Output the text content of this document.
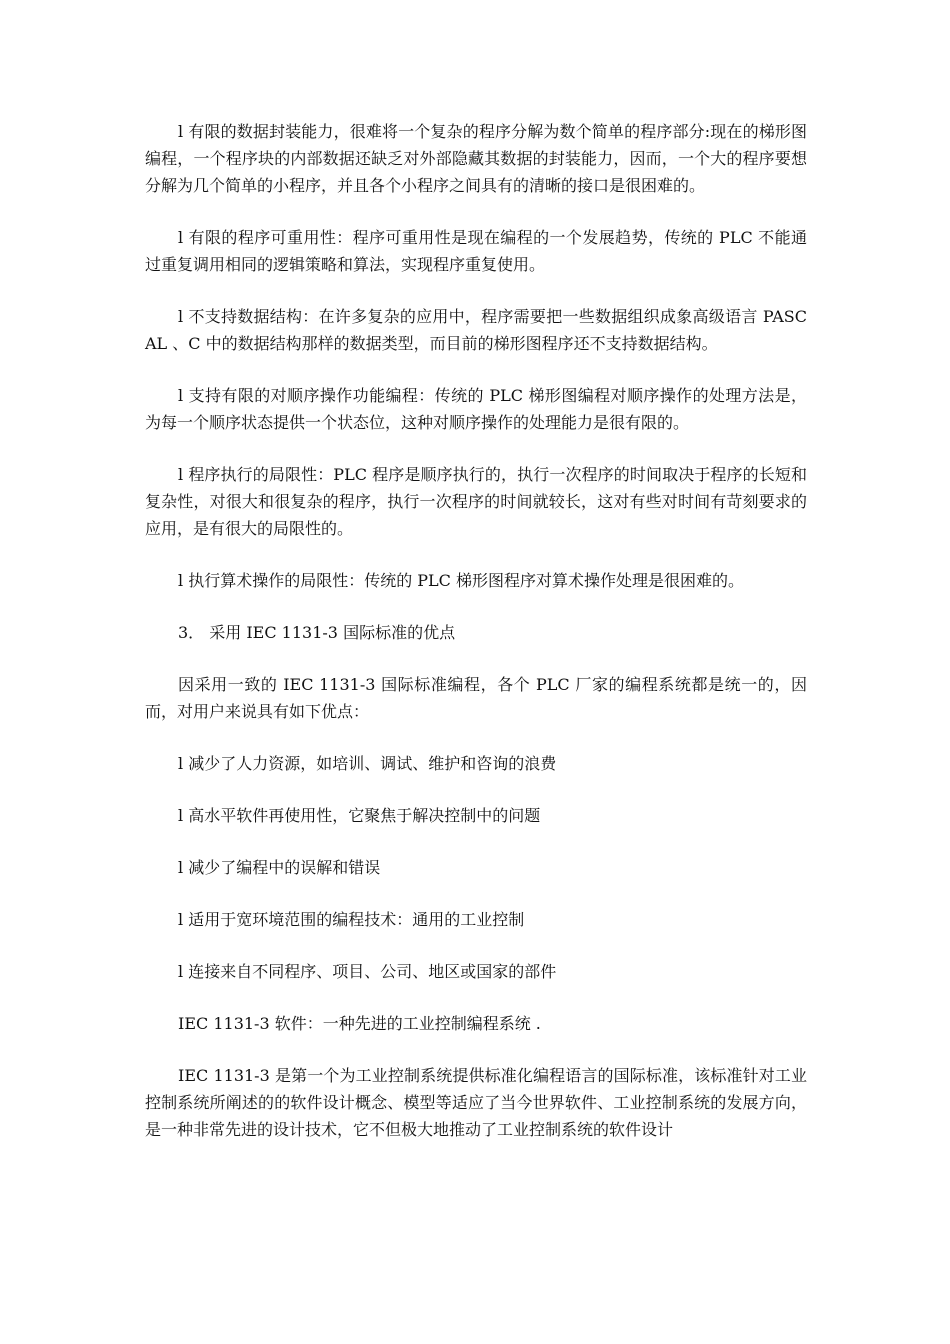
l 有限的数据封装能力，很难将一个复杂的程序分解为数个简单的程序部分:现在的梯形图编程，一个程序块的内部数据还缺乏对外部隐藏其数据的封装能力，因而，一个大的程序要想分解为几个简单的小程序，并且各个小程序之间具有的清晰的接口是很困难的。

l 有限的程序可重用性：程序可重用性是现在编程的一个发展趋势，传统的 PLC 不能通过重复调用相同的逻辑策略和算法，实现程序重复使用。

l 不支持数据结构：在许多复杂的应用中，程序需要把一些数据组织成象高级语言 PASCAL 、C 中的数据结构那样的数据类型，而目前的梯形图程序还不支持数据结构。

l 支持有限的对顺序操作功能编程：传统的 PLC 梯形图编程对顺序操作的处理方法是，为每一个顺序状态提供一个状态位，这种对顺序操作的处理能力是很有限的。

l 程序执行的局限性：PLC 程序是顺序执行的，执行一次程序的时间取决于程序的长短和复杂性，对很大和很复杂的程序，执行一次程序的时间就较长，这对有些对时间有苛刻要求的应用，是有很大的局限性的。

l 执行算术操作的局限性：传统的 PLC 梯形图程序对算术操作处理是很困难的。

3． 采用 IEC 1131-3 国际标准的优点

因采用一致的 IEC 1131-3 国际标准编程，各个 PLC 厂家的编程系统都是统一的，因而，对用户来说具有如下优点：

l 减少了人力资源，如培训、调试、维护和咨询的浪费

l 高水平软件再使用性，它聚焦于解决控制中的问题

l 减少了编程中的误解和错误

l 适用于宽环境范围的编程技术：通用的工业控制

l 连接来自不同程序、项目、公司、地区或国家的部件

IEC 1131-3 软件：一种先进的工业控制编程系统 .

IEC 1131-3 是第一个为工业控制系统提供标准化编程语言的国际标准，该标准针对工业控制系统所阐述的的软件设计概念、模型等适应了当今世界软件、工业控制系统的发展方向，是一种非常先进的设计技术，它不但极大地推动了工业控制系统的软件设计
